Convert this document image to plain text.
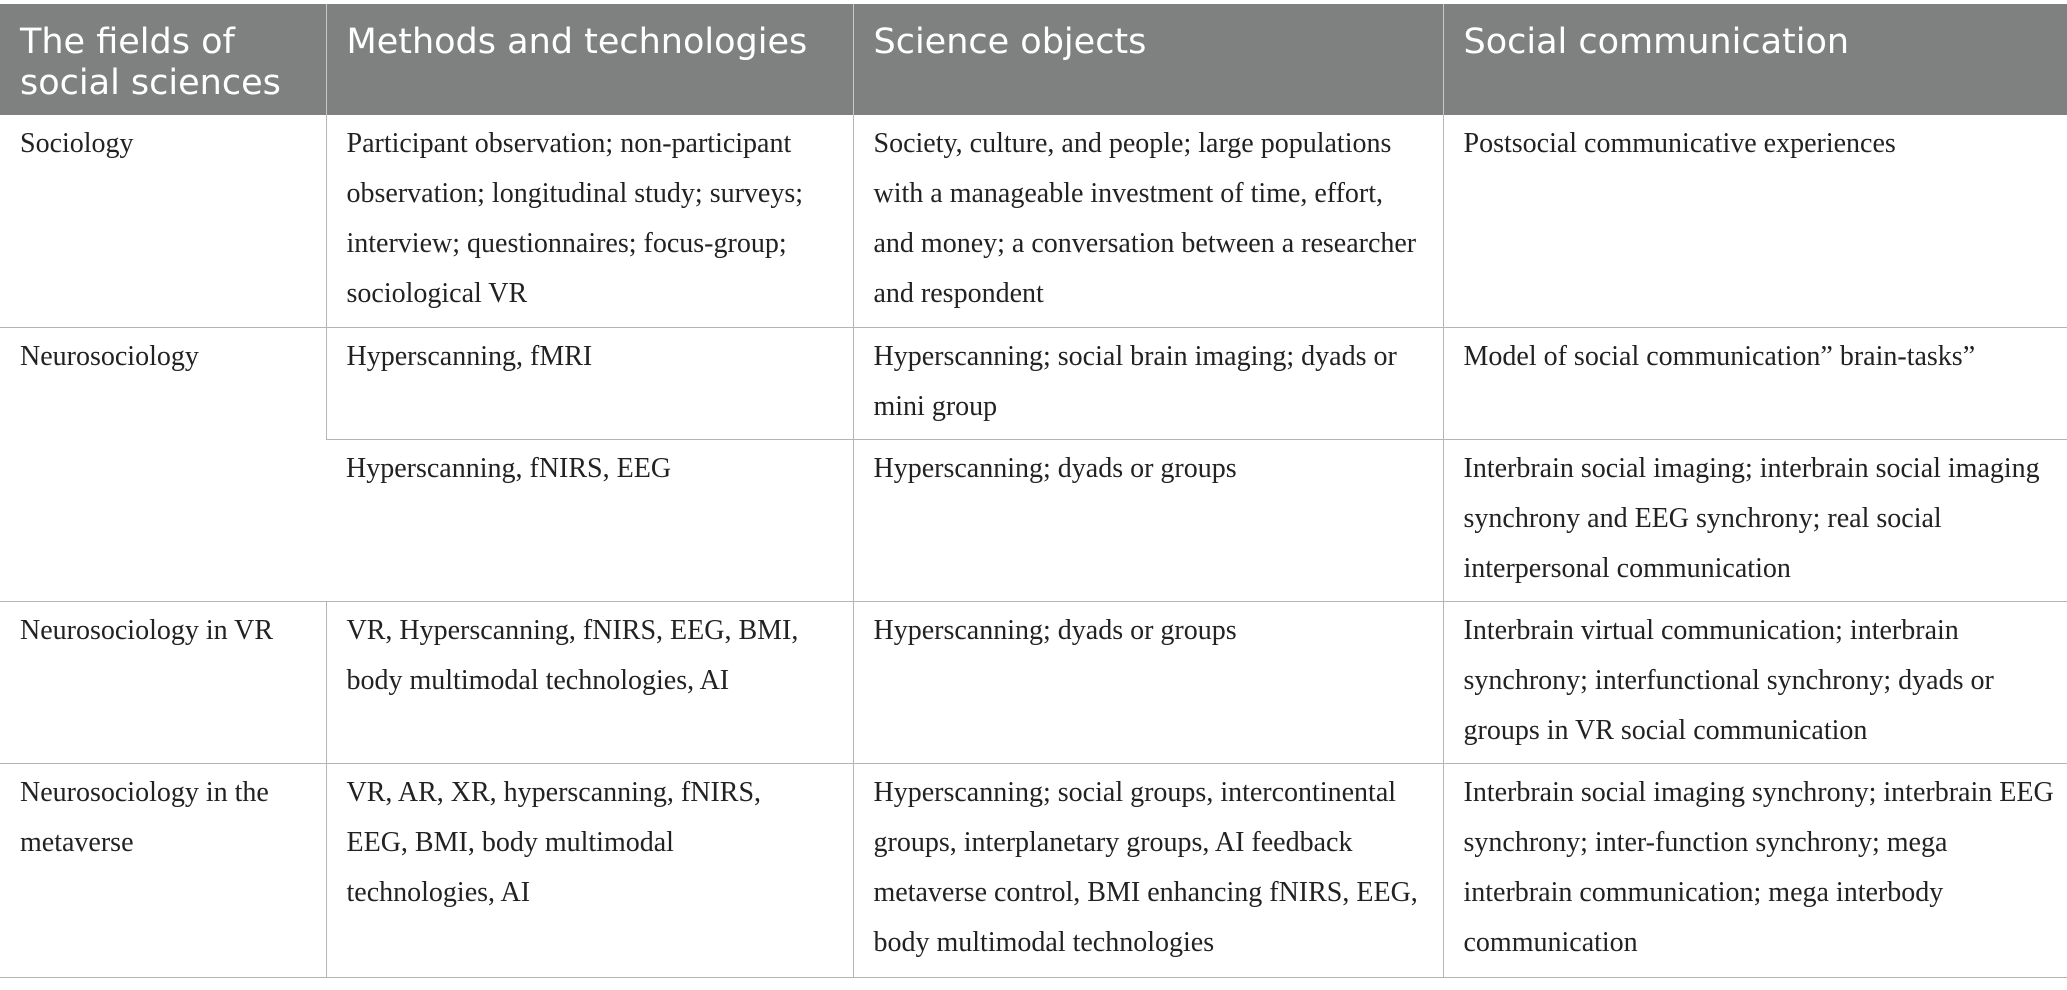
The fields of social sciences	Methods and technologies	Science objects	Social communication
Sociology	Participant observation; non-participant observation; longitudinal study; surveys; interview; questionnaires; focus-group; sociological VR	Society, culture, and people; large populations with a manageable investment of time, effort, and money; a conversation between a researcher and respondent	Postsocial communicative experiences
Neurosociology	Hyperscanning, fMRI	Hyperscanning; social brain imaging; dyads or mini group	Model of social communication” brain-tasks”
	Hyperscanning, fNIRS, EEG	Hyperscanning; dyads or groups	Interbrain social imaging; interbrain social imaging synchrony and EEG synchrony; real social interpersonal communication
Neurosociology in VR	VR, Hyperscanning, fNIRS, EEG, BMI, body multimodal technologies, AI	Hyperscanning; dyads or groups	Interbrain virtual communication; interbrain synchrony; interfunctional synchrony; dyads or groups in VR social communication
Neurosociology in the metaverse	VR, AR, XR, hyperscanning, fNIRS, EEG, BMI, body multimodal technologies, AI	Hyperscanning; social groups, intercontinental groups, interplanetary groups, AI feedback metaverse control, BMI enhancing fNIRS, EEG, body multimodal technologies	Interbrain social imaging synchrony; interbrain EEG synchrony; inter-function synchrony; mega interbrain communication; mega interbody communication
